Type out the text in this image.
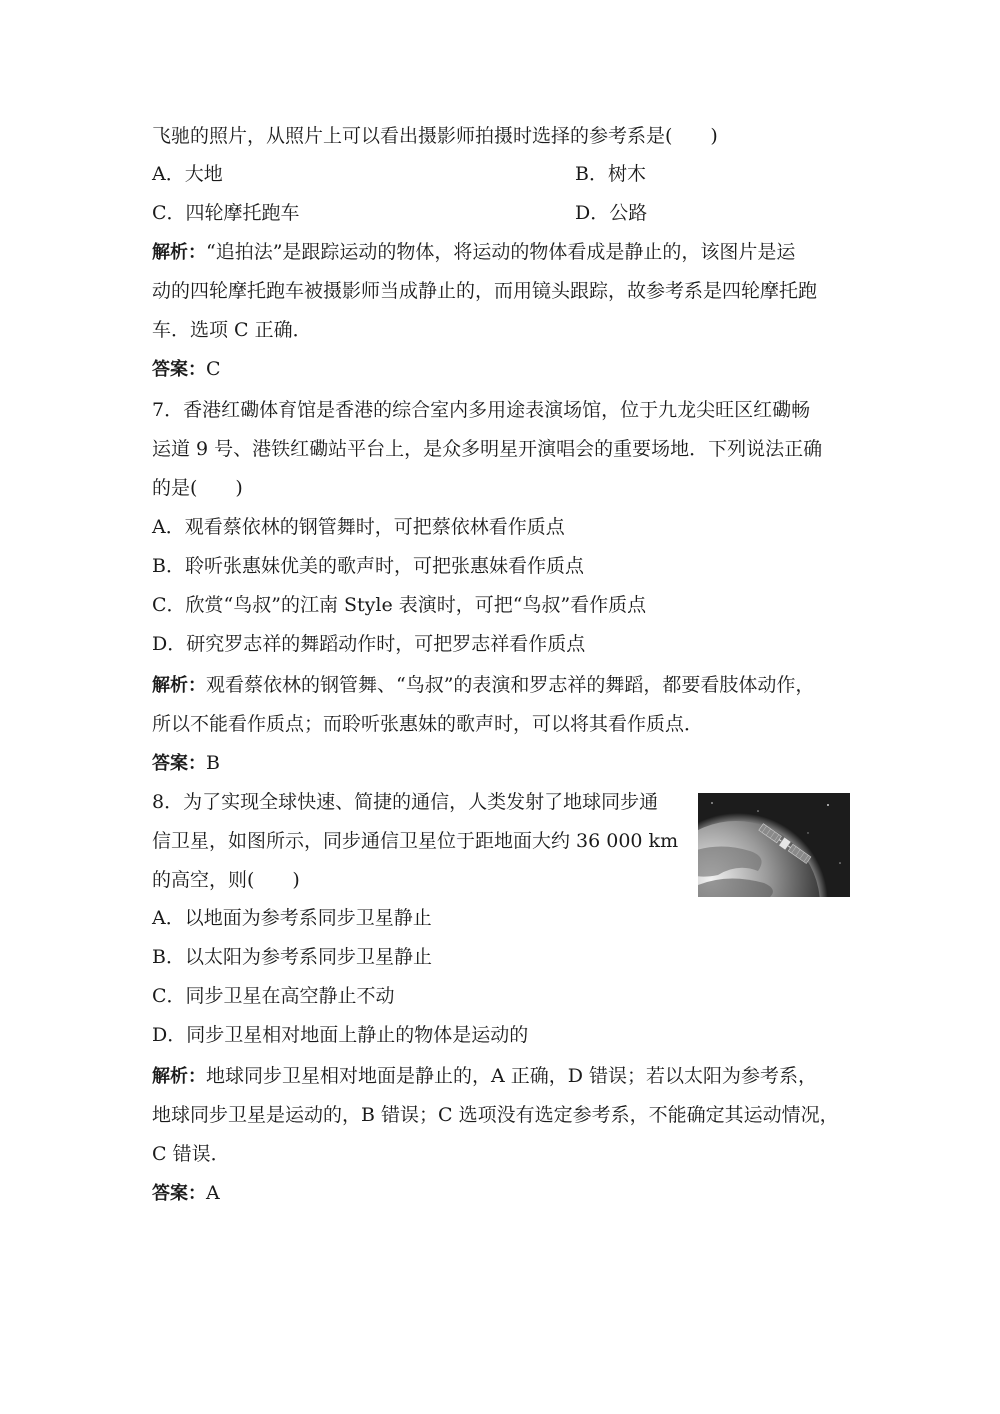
飞驰的照片，从照片上可以看出摄影师拍摄时选择的参考系是(　　)
A．大地	B．树木
C．四轮摩托跑车	D．公路
解析：“追拍法”是跟踪运动的物体，将运动的物体看成是静止的，该图片是运
动的四轮摩托跑车被摄影师当成静止的，而用镜头跟踪，故参考系是四轮摩托跑
车．选项 C 正确．
答案：C
7．香港红磡体育馆是香港的综合室内多用途表演场馆，位于九龙尖旺区红磡畅
运道 9 号、港铁红磡站平台上，是众多明星开演唱会的重要场地．下列说法正确
的是(　　)
A．观看蔡依林的钢管舞时，可把蔡依林看作质点
B．聆听张惠妹优美的歌声时，可把张惠妹看作质点
C．欣赏“鸟叔”的江南 Style 表演时，可把“鸟叔”看作质点
D．研究罗志祥的舞蹈动作时，可把罗志祥看作质点
解析：观看蔡依林的钢管舞、“鸟叔”的表演和罗志祥的舞蹈，都要看肢体动作，
所以不能看作质点；而聆听张惠妹的歌声时，可以将其看作质点．
答案：B
8．为了实现全球快速、简捷的通信，人类发射了地球同步通
信卫星，如图所示，同步通信卫星位于距地面大约 36 000 km
的高空，则(　　)
A．以地面为参考系同步卫星静止
B．以太阳为参考系同步卫星静止
C．同步卫星在高空静止不动
D．同步卫星相对地面上静止的物体是运动的
解析：地球同步卫星相对地面是静止的，A 正确，D 错误；若以太阳为参考系，
地球同步卫星是运动的，B 错误；C 选项没有选定参考系，不能确定其运动情况，
C 错误．
答案：A
